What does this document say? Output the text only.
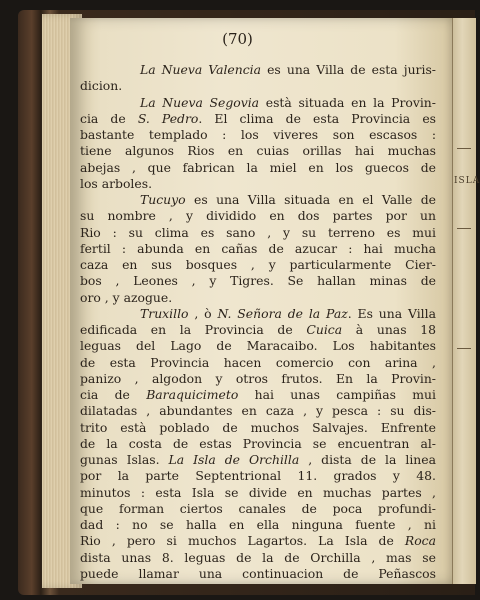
ISLA
(70)
La Nueva Valencia es una Villa de esta juris-
dicion.
La Nueva Segovia està situada en la Provin-
cia de S. Pedro. El clima de esta Provincia es
bastante templado : los viveres son escasos :
tiene algunos Rios en cuias orillas hai muchas
abejas , que fabrican la miel en los guecos de
los arboles.
Tucuyo es una Villa situada en el Valle de
su nombre , y dividido en dos partes por un
Rio : su clima es sano , y su terreno es mui
fertil : abunda en cañas de azucar : hai mucha
caza en sus bosques , y particularmente Cier-
bos , Leones , y Tigres. Se hallan minas de
oro , y azogue.
Truxillo , ò N. Señora de la Paz. Es una Villa
edificada en la Provincia de Cuica à unas 18
leguas del Lago de Maracaibo. Los habitantes
de esta Provincia hacen comercio con arina ,
panizo , algodon y otros frutos. En la Provin-
cia de Baraquicimeto hai unas campiñas mui
dilatadas , abundantes en caza , y pesca : su dis-
trito està poblado de muchos Salvajes. Enfrente
de la costa de estas Provincia se encuentran al-
gunas Islas. La Isla de Orchilla , dista de la linea
por la parte Septentrional 11. grados y 48.
minutos : esta Isla se divide en muchas partes ,
que forman ciertos canales de poca profundi-
dad : no se halla en ella ninguna fuente , ni
Rio , pero si muchos Lagartos. La Isla de Roca
dista unas 8. leguas de la de Orchilla , mas se
puede llamar una continuacion de Peñascos
